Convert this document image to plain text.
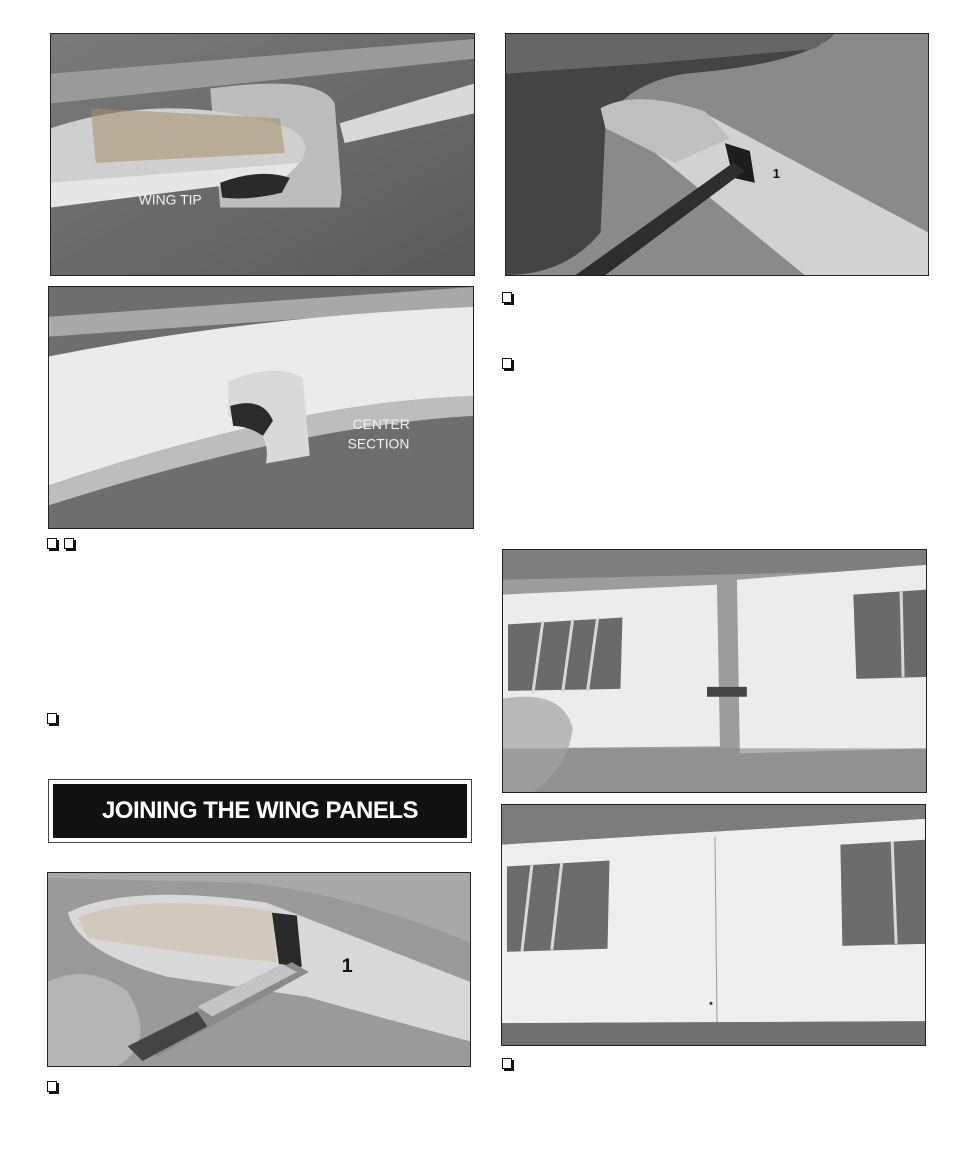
WING TIP
1
CENTER
SECTION
1
JOINING THE WING PANELS
